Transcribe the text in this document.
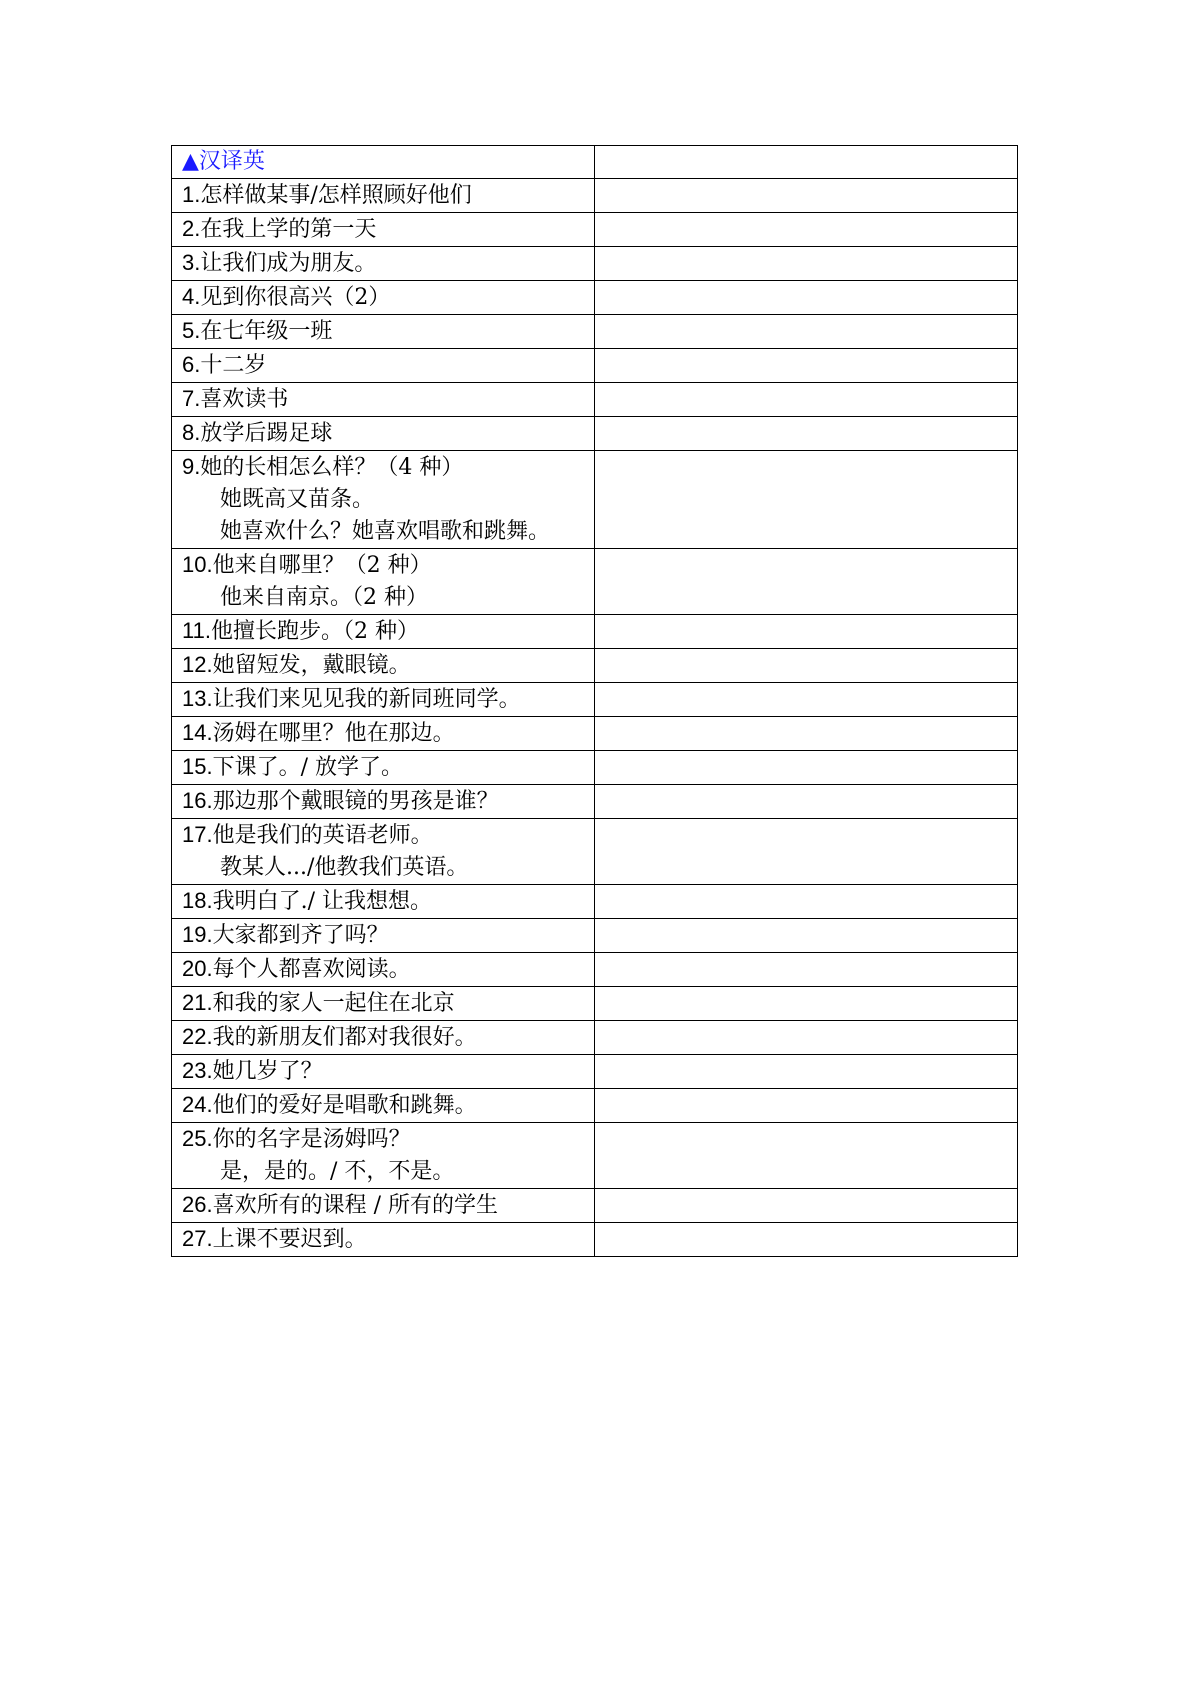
▲汉译英	

1.怎样做某事/怎样照顾好他们	

2.在我上学的第一天	

3.让我们成为朋友。	

4.见到你很高兴（2）	

5.在七年级一班	

6.十二岁	

7.喜欢读书	

8.放学后踢足球	

9.她的长相怎么样？（4 种）
她既高又苗条。
她喜欢什么？她喜欢唱歌和跳舞。	

10.他来自哪里？（2 种）
他来自南京。（2 种）	

11.他擅长跑步。（2 种）	

12.她留短发，戴眼镜。	

13.让我们来见见我的新同班同学。	

14.汤姆在哪里？他在那边。	

15.下课了。/ 放学了。	

16.那边那个戴眼镜的男孩是谁？	

17.他是我们的英语老师。
教某人.../他教我们英语。	

18.我明白了./ 让我想想。	

19.大家都到齐了吗？	

20.每个人都喜欢阅读。	

21.和我的家人一起住在北京	

22.我的新朋友们都对我很好。	

23.她几岁了？	

24.他们的爱好是唱歌和跳舞。	

25.你的名字是汤姆吗？
是，是的。/ 不，不是。	

26.喜欢所有的课程 / 所有的学生	

27.上课不要迟到。	
